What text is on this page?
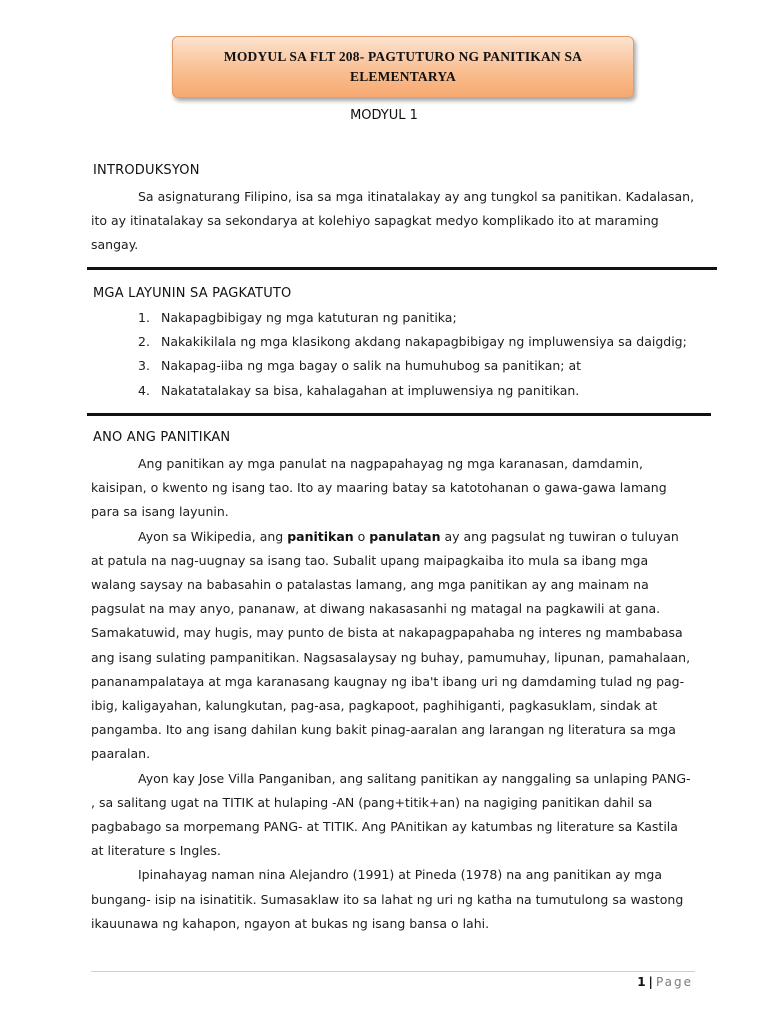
MODYUL SA FLT 208- PAGTUTURO NG PANITIKAN SA
ELEMENTARYA
MODYUL 1
INTRODUKSYON
Sa asignaturang Filipino, isa sa mga itinatalakay ay ang tungkol sa panitikan. Kadalasan,
ito ay itinatalakay sa sekondarya at kolehiyo sapagkat medyo komplikado ito at maraming
sangay.
MGA LAYUNIN SA PAGKATUTO
1. Nakapagbibigay ng mga katuturan ng panitika;
2. Nakakikilala ng mga klasikong akdang nakapagbibigay ng impluwensiya sa daigdig;
3. Nakapag-iiba ng mga bagay o salik na humuhubog sa panitikan; at
4. Nakatatalakay sa bisa, kahalagahan at impluwensiya ng panitikan.
ANO ANG PANITIKAN
Ang panitikan ay mga panulat na nagpapahayag ng mga karanasan, damdamin,
kaisipan, o kwento ng isang tao. Ito ay maaring batay sa katotohanan o gawa-gawa lamang
para sa isang layunin.
Ayon sa Wikipedia, ang panitikan o panulatan ay ang pagsulat ng tuwiran o tuluyan
at patula na nag-uugnay sa isang tao. Subalit upang maipagkaiba ito mula sa ibang mga
walang saysay na babasahin o patalastas lamang, ang mga panitikan ay ang mainam na
pagsulat na may anyo, pananaw, at diwang nakasasanhi ng matagal na pagkawili at gana.
Samakatuwid, may hugis, may punto de bista at nakapagpapahaba ng interes ng mambabasa
ang isang sulating pampanitikan. Nagsasalaysay ng buhay, pamumuhay, lipunan, pamahalaan,
pananampalataya at mga karanasang kaugnay ng iba't ibang uri ng damdaming tulad ng pag-
ibig, kaligayahan, kalungkutan, pag-asa, pagkapoot, paghihiganti, pagkasuklam, sindak at
pangamba. Ito ang isang dahilan kung bakit pinag-aaralan ang larangan ng literatura sa mga
paaralan.
Ayon kay Jose Villa Panganiban, ang salitang panitikan ay nanggaling sa unlaping PANG-
, sa salitang ugat na TITIK at hulaping -AN (pang+titik+an) na nagiging panitikan dahil sa
pagbabago sa morpemang PANG- at TITIK. Ang PAnitikan ay katumbas ng literature sa Kastila
at literature s Ingles.
Ipinahayag naman nina Alejandro (1991) at Pineda (1978) na ang panitikan ay mga
bungang- isip na isinatitik. Sumasaklaw ito sa lahat ng uri ng katha na tumutulong sa wastong
ikauunawa ng kahapon, ngayon at bukas ng isang bansa o lahi.
1 | Page
